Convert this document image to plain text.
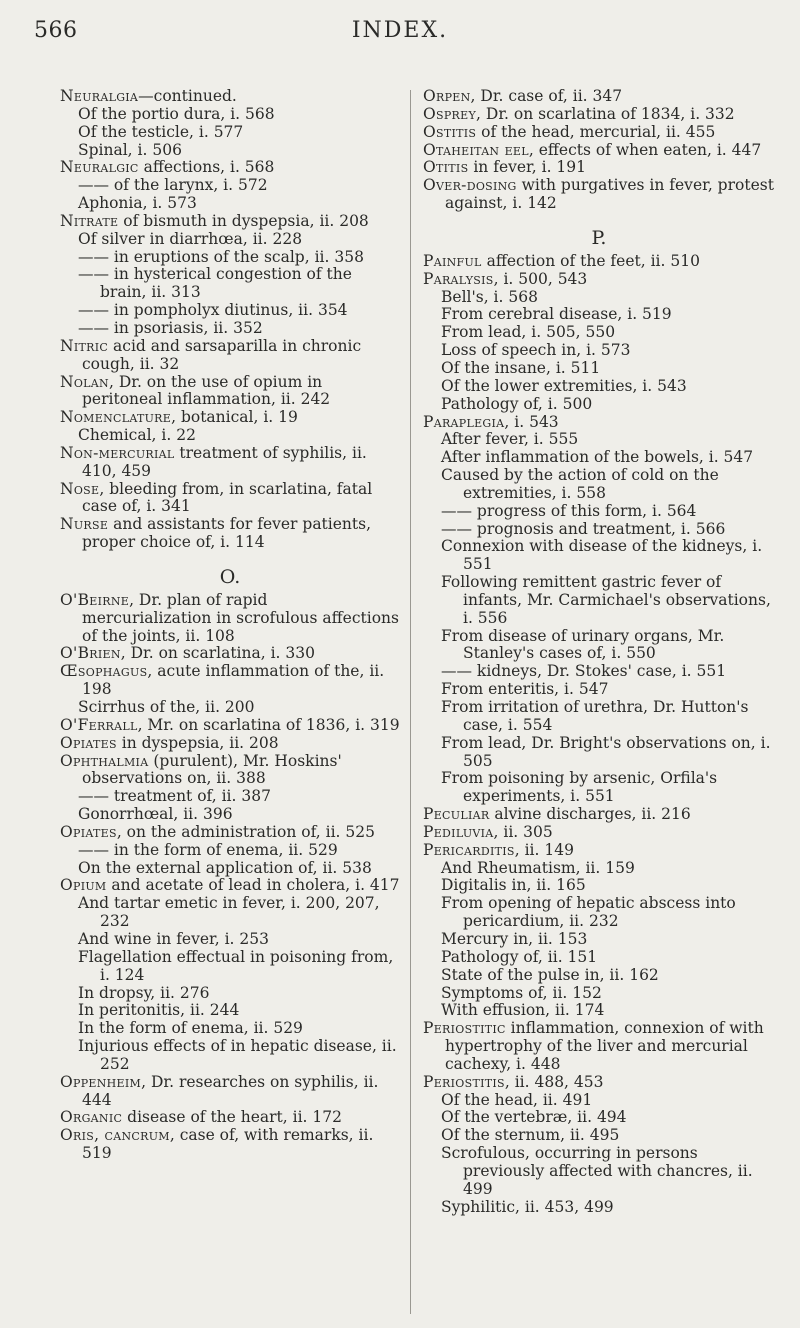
566	INDEX.
Neuralgia—continued.
Of the portio dura, i. 568
Of the testicle, i. 577
Spinal, i. 506
Neuralgic affections, i. 568
—— of the larynx, i. 572
Aphonia, i. 573
Nitrate of bismuth in dyspepsia, ii. 208
Of silver in diarrhœa, ii. 228
—— in eruptions of the scalp, ii. 358
—— in hysterical congestion of the brain, ii. 313
—— in pompholyx diutinus, ii. 354
—— in psoriasis, ii. 352
Nitric acid and sarsaparilla in chronic cough, ii. 32
Nolan, Dr. on the use of opium in peritoneal inflammation, ii. 242
Nomenclature, botanical, i. 19
Chemical, i. 22
Non-mercurial treatment of syphilis, ii. 410, 459
Nose, bleeding from, in scarlatina, fatal case of, i. 341
Nurse and assistants for fever patients, proper choice of, i. 114
O.
O'Beirne, Dr. plan of rapid mercurialization in scrofulous affections of the joints, ii. 108
O'Brien, Dr. on scarlatina, i. 330
Œsophagus, acute inflammation of the, ii. 198
Scirrhus of the, ii. 200
O'Ferrall, Mr. on scarlatina of 1836, i. 319
Opiates in dyspepsia, ii. 208
Ophthalmia (purulent), Mr. Hoskins' observations on, ii. 388
—— treatment of, ii. 387
Gonorrhœal, ii. 396
Opiates, on the administration of, ii. 525
—— in the form of enema, ii. 529
On the external application of, ii. 538
Opium and acetate of lead in cholera, i. 417
And tartar emetic in fever, i. 200, 207, 232
And wine in fever, i. 253
Flagellation effectual in poisoning from, i. 124
In dropsy, ii. 276
In peritonitis, ii. 244
In the form of enema, ii. 529
Injurious effects of in hepatic disease, ii. 252
Oppenheim, Dr. researches on syphilis, ii. 444
Organic disease of the heart, ii. 172
Oris, cancrum, case of, with remarks, ii. 519
Orpen, Dr. case of, ii. 347
Osprey, Dr. on scarlatina of 1834, i. 332
Ostitis of the head, mercurial, ii. 455
Otaheitan eel, effects of when eaten, i. 447
Otitis in fever, i. 191
Over-dosing with purgatives in fever, protest against, i. 142
P.
Painful affection of the feet, ii. 510
Paralysis, i. 500, 543
Bell's, i. 568
From cerebral disease, i. 519
From lead, i. 505, 550
Loss of speech in, i. 573
Of the insane, i. 511
Of the lower extremities, i. 543
Pathology of, i. 500
Paraplegia, i. 543
After fever, i. 555
After inflammation of the bowels, i. 547
Caused by the action of cold on the extremities, i. 558
—— progress of this form, i. 564
—— prognosis and treatment, i. 566
Connexion with disease of the kidneys, i. 551
Following remittent gastric fever of infants, Mr. Carmichael's observations, i. 556
From disease of urinary organs, Mr. Stanley's cases of, i. 550
—— kidneys, Dr. Stokes' case, i. 551
From enteritis, i. 547
From irritation of urethra, Dr. Hutton's case, i. 554
From lead, Dr. Bright's observations on, i. 505
From poisoning by arsenic, Orfila's experiments, i. 551
Peculiar alvine discharges, ii. 216
Pediluvia, ii. 305
Pericarditis, ii. 149
And Rheumatism, ii. 159
Digitalis in, ii. 165
From opening of hepatic abscess into pericardium, ii. 232
Mercury in, ii. 153
Pathology of, ii. 151
State of the pulse in, ii. 162
Symptoms of, ii. 152
With effusion, ii. 174
Periostitic inflammation, connexion of with hypertrophy of the liver and mercurial cachexy, i. 448
Periostitis, ii. 488, 453
Of the head, ii. 491
Of the vertebræ, ii. 494
Of the sternum, ii. 495
Scrofulous, occurring in persons previously affected with chancres, ii. 499
Syphilitic, ii. 453, 499
